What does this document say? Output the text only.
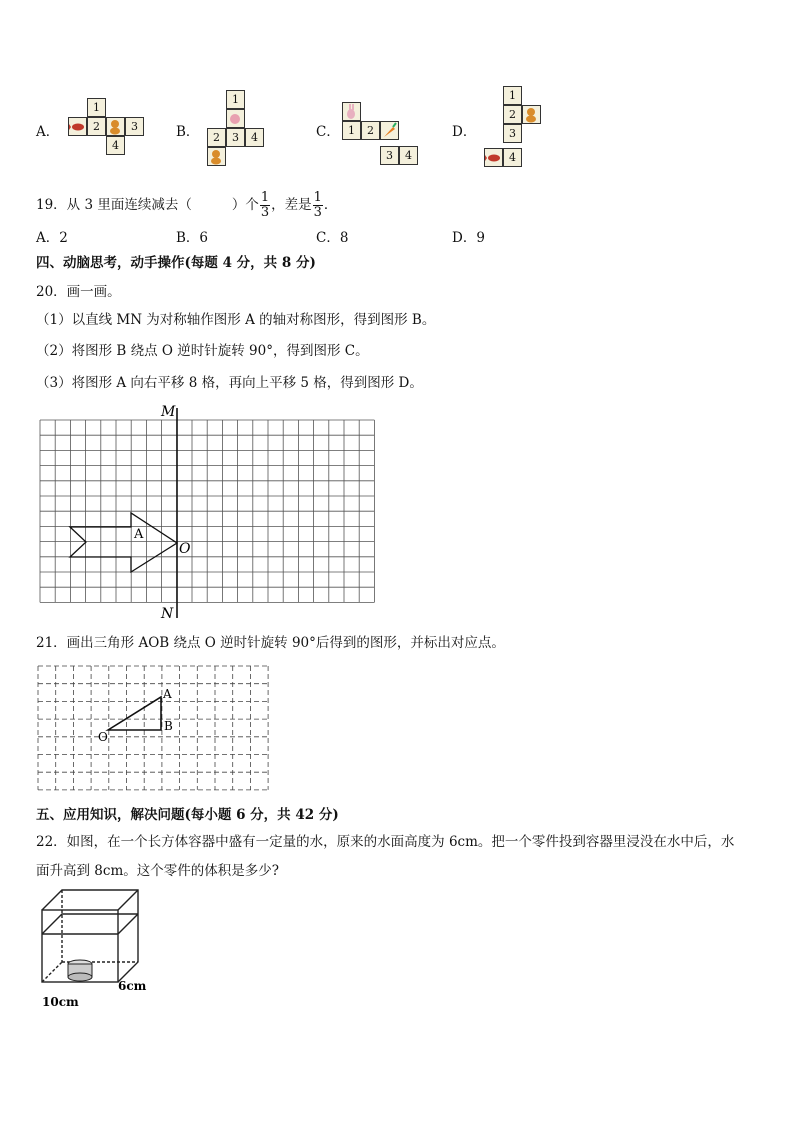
A．
1
2	3
4
B．
1
2	3	4	C． 1	2
3	4
D．
1
2
3
4
19．从 3 里面连续减去（	）个 $\frac{1}{3}$ ，差是 $\frac{1}{3}$ ．
A．2	B．6	C．8	D．9
四、动脑思考，动手操作(每题 4 分，共 8 分)
20．画一画。
（1）以直线 MN 为对称轴作图形 A 的轴对称图形，得到图形 B。
（2）将图形 B 绕点 O 逆时针旋转 90°，得到图形 C。
（3）将图形 A 向右平移 8 格，再向上平移 5 格，得到图形 D。
M
N
O
A
21．画出三角形 AOB 绕点 O 逆时针旋转 90°后得到的图形，并标出对应点。
A
B
O
五、应用知识，解决问题(每小题 6 分，共 42 分)
22．如图，在一个长方体容器中盛有一定量的水，原来的水面高度为 6cm。把一个零件投到容器里浸没在水中后，水
面升高到 8cm。这个零件的体积是多少?
10cm
6cm
